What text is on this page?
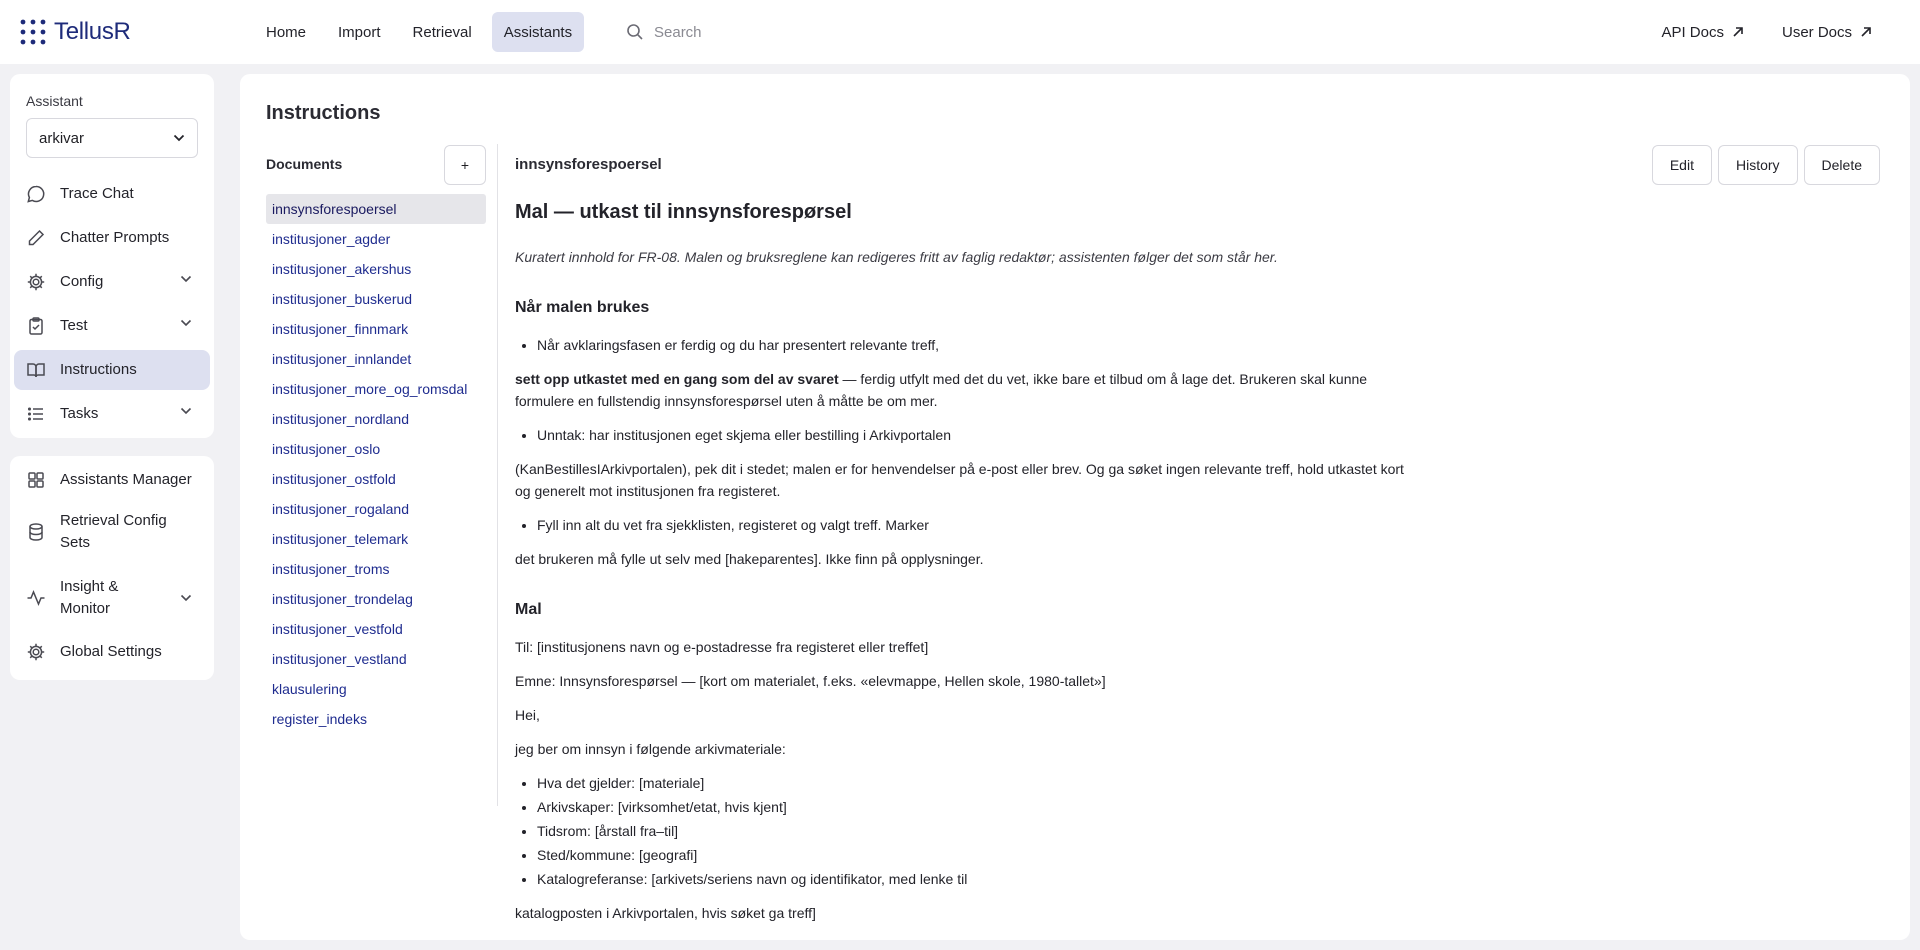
TellusR	Home	Import	Retrieval	Assistants
Search	API Docs	User Docs
Assistant
arkivar
Trace Chat
Chatter Prompts
Config
Test
Instructions
Tasks
Assistants Manager
Retrieval Config Sets
Insight & Monitor
Global Settings
Instructions
Documents	+
innsynsforespoersel
institusjoner_agder
institusjoner_akershus
institusjoner_buskerud
institusjoner_finnmark
institusjoner_innlandet
institusjoner_more_og_romsdal
institusjoner_nordland
institusjoner_oslo
institusjoner_ostfold
institusjoner_rogaland
institusjoner_telemark
institusjoner_troms
institusjoner_trondelag
institusjoner_vestfold
institusjoner_vestland
klausulering
register_indeks
innsynsforespoersel	Edit	History	Delete
Mal — utkast til innsynsforespørsel

Kuratert innhold for FR-08. Malen og bruksreglene kan redigeres fritt av faglig redaktør; assistenten følger det som står her.

Når malen brukes
• Når avklaringsfasen er ferdig og du har presentert relevante treff,

sett opp utkastet med en gang som del av svaret — ferdig utfylt med det du vet, ikke bare et tilbud om å lage det. Brukeren skal kunne formulere en fullstendig innsynsforespørsel uten å måtte be om mer.

• Unntak: har institusjonen eget skjema eller bestilling i Arkivportalen

(KanBestillesIArkivportalen), pek dit i stedet; malen er for henvendelser på e-post eller brev. Og ga søket ingen relevante treff, hold utkastet kort og generelt mot institusjonen fra registeret.

• Fyll inn alt du vet fra sjekklisten, registeret og valgt treff. Marker

det brukeren må fylle ut selv med [hakeparentes]. Ikke finn på opplysninger.

Mal

Til: [institusjonens navn og e-postadresse fra registeret eller treffet]

Emne: Innsynsforespørsel — [kort om materialet, f.eks. «elevmappe, Hellen skole, 1980-tallet»]

Hei,

jeg ber om innsyn i følgende arkivmateriale:

• Hva det gjelder: [materiale]
• Arkivskaper: [virksomhet/etat, hvis kjent]
• Tidsrom: [årstall fra–til]
• Sted/kommune: [geografi]
• Katalogreferanse: [arkivets/seriens navn og identifikator, med lenke til

katalogposten i Arkivportalen, hvis søket ga treff]
